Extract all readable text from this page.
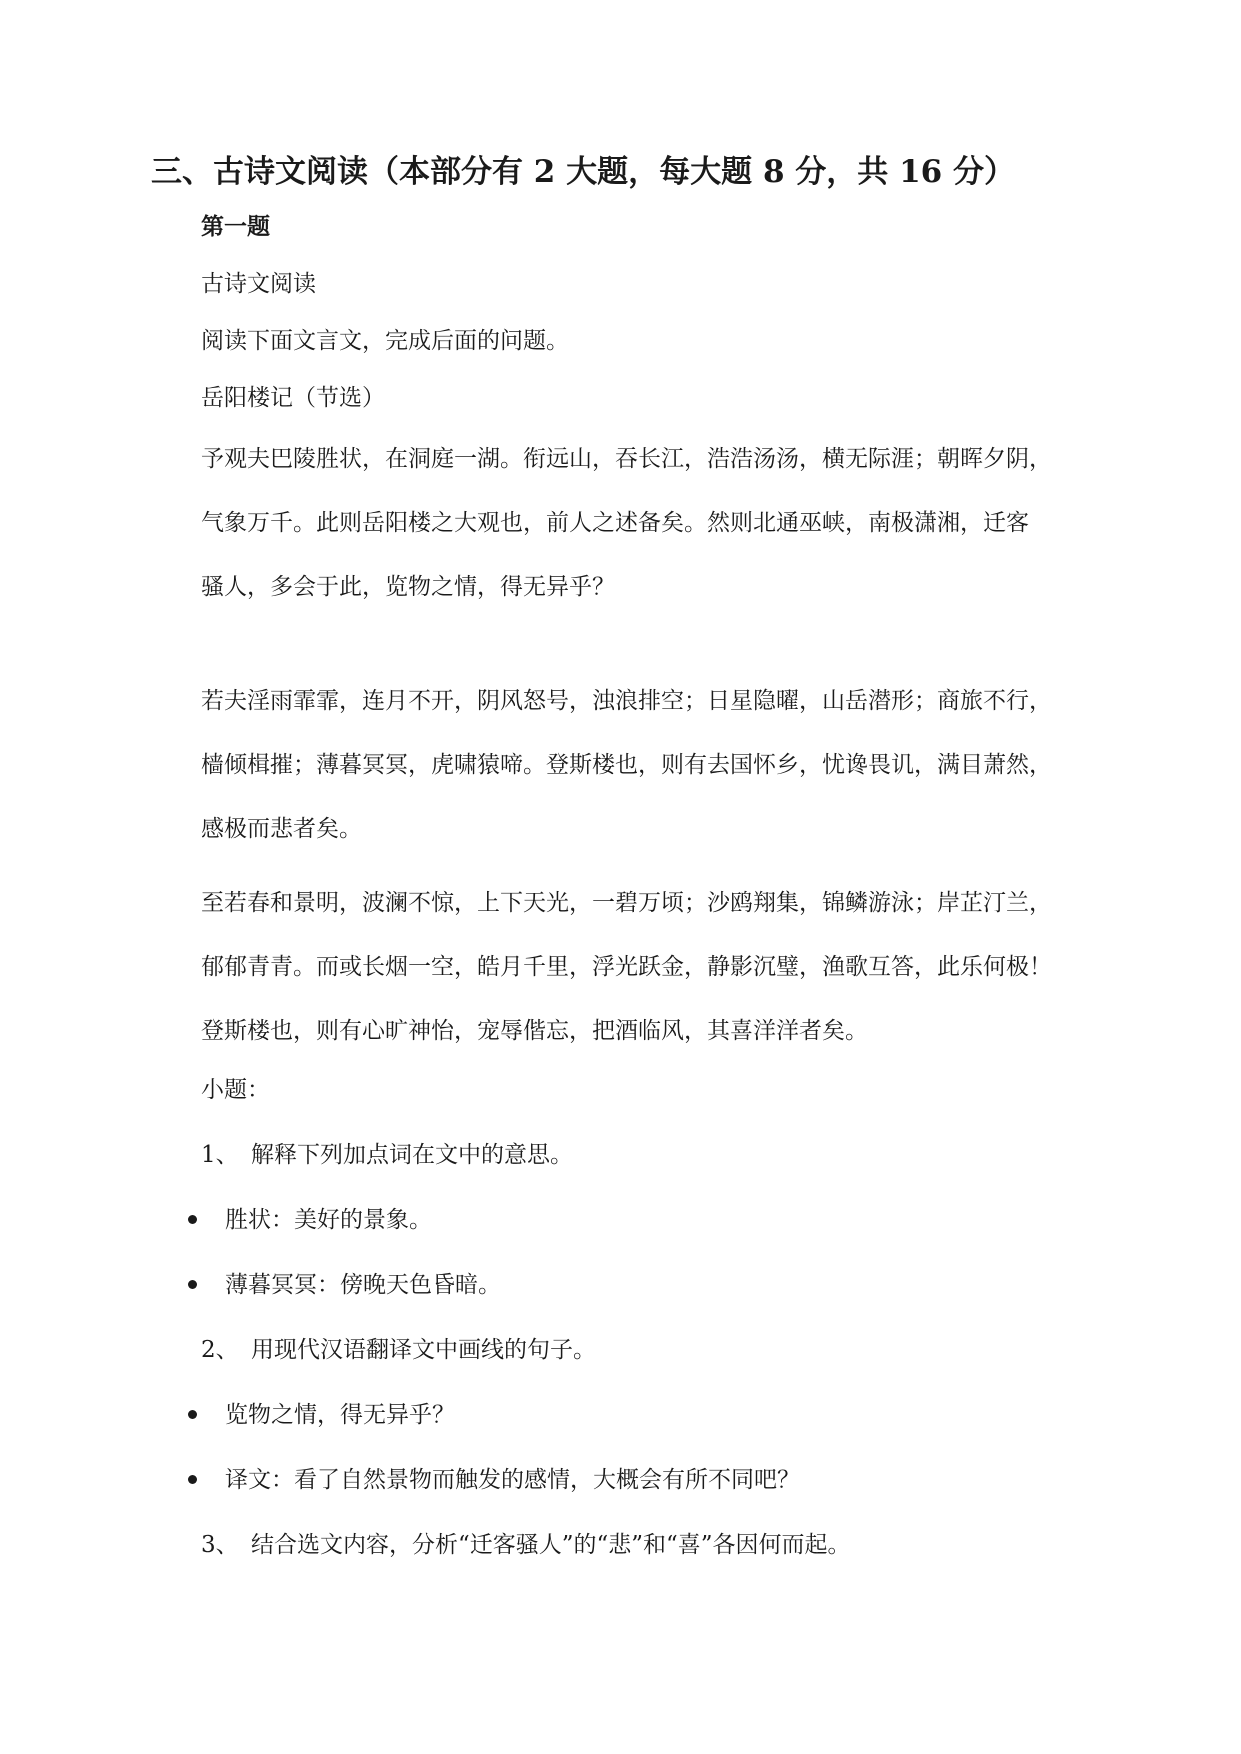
三、古诗文阅读（本部分有 2 大题，每大题 8 分，共 16 分）
第一题
古诗文阅读
阅读下面文言文，完成后面的问题。
岳阳楼记（节选）
予观夫巴陵胜状，在洞庭一湖。衔远山，吞长江，浩浩汤汤，横无际涯；朝晖夕阴，
气象万千。此则岳阳楼之大观也，前人之述备矣。然则北通巫峡，南极潇湘，迁客
骚人，多会于此，览物之情，得无异乎？
若夫淫雨霏霏，连月不开，阴风怒号，浊浪排空；日星隐曜，山岳潜形；商旅不行，
樯倾楫摧；薄暮冥冥，虎啸猿啼。登斯楼也，则有去国怀乡，忧谗畏讥，满目萧然，
感极而悲者矣。
至若春和景明，波澜不惊，上下天光，一碧万顷；沙鸥翔集，锦鳞游泳；岸芷汀兰，
郁郁青青。而或长烟一空，皓月千里，浮光跃金，静影沉璧，渔歌互答，此乐何极！
登斯楼也，则有心旷神怡，宠辱偕忘，把酒临风，其喜洋洋者矣。
小题：
1、 解释下列加点词在文中的意思。
胜状：美好的景象。
薄暮冥冥：傍晚天色昏暗。
2、 用现代汉语翻译文中画线的句子。
览物之情，得无异乎？
译文：看了自然景物而触发的感情，大概会有所不同吧？
3、 结合选文内容，分析“迁客骚人”的“悲”和“喜”各因何而起。
